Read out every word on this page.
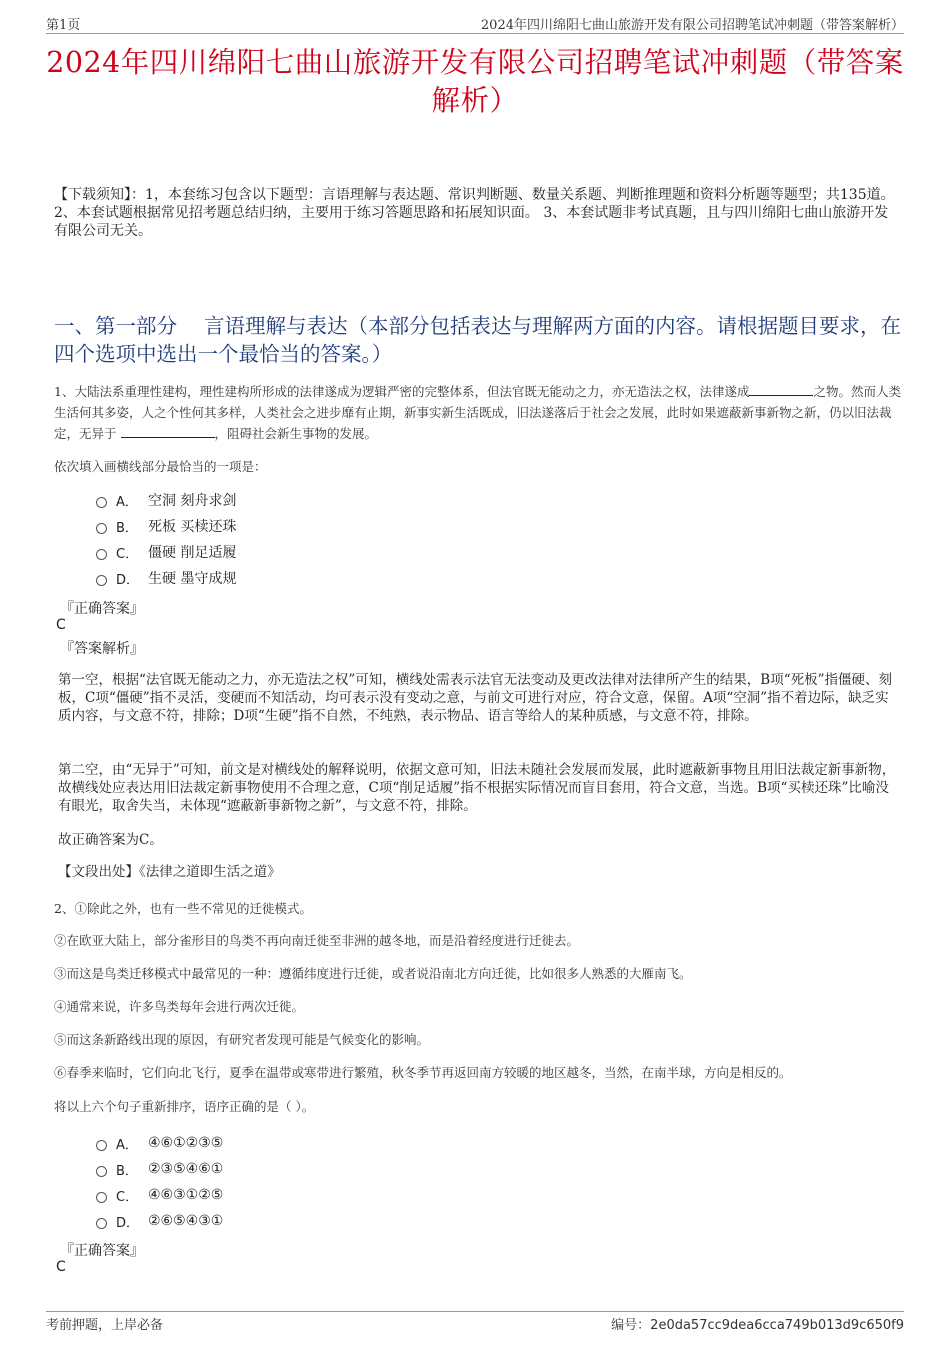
第1页	2024年四川绵阳七曲山旅游开发有限公司招聘笔试冲刺题（带答案解析）
2024年四川绵阳七曲山旅游开发有限公司招聘笔试冲刺题（带答案解析）
【下载须知】：1，本套练习包含以下题型：言语理解与表达题、常识判断题、数量关系题、判断推理题和资料分析题等题型；共135道。 2、本套试题根据常见招考题总结归纳，主要用于练习答题思路和拓展知识面。 3、本套试题非考试真题，且与四川绵阳七曲山旅游开发有限公司无关。
一、第一部分　 言语理解与表达（本部分包括表达与理解两方面的内容。请根据题目要求，在四个选项中选出一个最恰当的答案。）
1、大陆法系重理性建构，理性建构所形成的法律遂成为逻辑严密的完整体系，但法官既无能动之力，亦无造法之权，法律遂成	之物。然而人类生活何其多姿，人之个性何其多样，人类社会之进步靡有止期，新事实新生活既成，旧法遂落后于社会之发展，此时如果遮蔽新事新物之新，仍以旧法裁定，无异于	，阻碍社会新生事物的发展。
依次填入画横线部分最恰当的一项是：
A． 空洞 刻舟求剑
B． 死板 买椟还珠
C． 僵硬 削足适履
D． 生硬 墨守成规
『正确答案』
C
『答案解析』
第一空，根据“法官既无能动之力，亦无造法之权”可知，横线处需表示法官无法变动及更改法律对法律所产生的结果，B项“死板”指僵硬、刻板，C项“僵硬”指不灵活，变硬而不知活动，均可表示没有变动之意，与前文可进行对应，符合文意，保留。A项“空洞”指不着边际，缺乏实质内容，与文意不符，排除；D项“生硬”指不自然，不纯熟，表示物品、语言等给人的某种质感，与文意不符，排除。
第二空，由“无异于”可知，前文是对横线处的解释说明，依据文意可知，旧法未随社会发展而发展，此时遮蔽新事物且用旧法裁定新事新物，故横线处应表达用旧法裁定新事物使用不合理之意，C项“削足适履”指不根据实际情况而盲目套用，符合文意，当选。B项“买椟还珠”比喻没有眼光，取舍失当，未体现“遮蔽新事新物之新”，与文意不符，排除。
故正确答案为C。
【文段出处】《法律之道即生活之道》
2、①除此之外，也有一些不常见的迁徙模式。
②在欧亚大陆上，部分雀形目的鸟类不再向南迁徙至非洲的越冬地，而是沿着经度进行迁徙去。
③而这是鸟类迁移模式中最常见的一种：遵循纬度进行迁徙，或者说沿南北方向迁徙，比如很多人熟悉的大雁南飞。
④通常来说，许多鸟类每年会进行两次迁徙。
⑤而这条新路线出现的原因，有研究者发现可能是气候变化的影响。
⑥春季来临时，它们向北飞行，夏季在温带或寒带进行繁殖，秋冬季节再返回南方较暖的地区越冬，当然，在南半球，方向是相反的。
将以上六个句子重新排序，语序正确的是（ ）。
A． ④⑥①②③⑤
B． ②③⑤④⑥①
C． ④⑥③①②⑤
D． ②⑥⑤④③①
『正确答案』
C
考前押题，上岸必备	编号：2e0da57cc9dea6cca749b013d9c650f9
